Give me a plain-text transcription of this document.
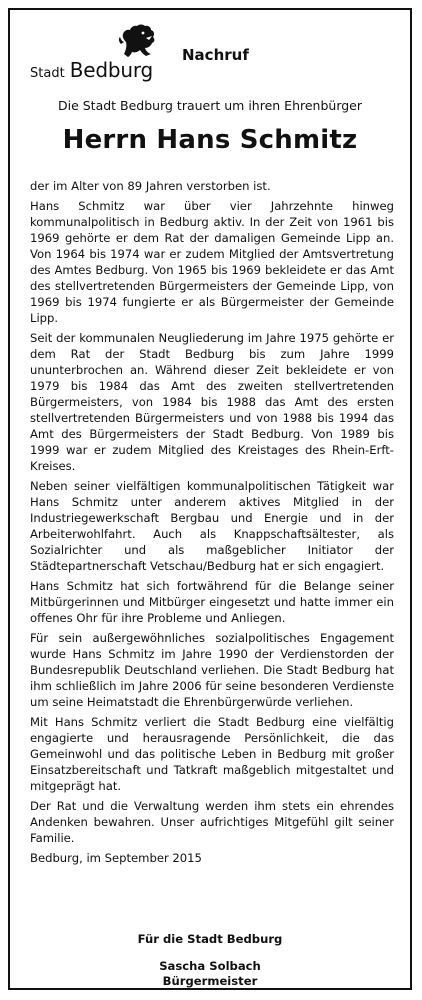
Stadt Bedburg
Nachruf
Die Stadt Bedburg trauert um ihren Ehrenbürger
Herrn Hans Schmitz

der im Alter von 89 Jahren verstorben ist.

Hans Schmitz war über vier Jahrzehnte hinweg kommunalpolitisch in Bedburg aktiv. In der Zeit von 1961 bis 1969 gehörte er dem Rat der damaligen Gemeinde Lipp an. Von 1964 bis 1974 war er zudem Mitglied der Amtsvertretung des Amtes Bedburg. Von 1965 bis 1969 bekleidete er das Amt des stellvertretenden Bürgermeisters der Gemeinde Lipp, von 1969 bis 1974 fungierte er als Bürgermeister der Gemeinde Lipp.

Seit der kommunalen Neugliederung im Jahre 1975 gehörte er dem Rat der Stadt Bedburg bis zum Jahre 1999 ununterbrochen an. Während dieser Zeit bekleidete er von 1979 bis 1984 das Amt des zweiten stellvertretenden Bürgermeisters, von 1984 bis 1988 das Amt des ersten stellvertretenden Bürgermeisters und von 1988 bis 1994 das Amt des Bürgermeisters der Stadt Bedburg. Von 1989 bis 1999 war er zudem Mitglied des Kreistages des Rhein-Erft-Kreises.

Neben seiner vielfältigen kommunalpolitischen Tätigkeit war Hans Schmitz unter anderem aktives Mitglied in der Industriegewerkschaft Bergbau und Energie und in der Arbeiterwohlfahrt. Auch als Knappschaftsältester, als Sozialrichter und als maßgeblicher Initiator der Städtepartnerschaft Vetschau/Bedburg hat er sich engagiert.

Hans Schmitz hat sich fortwährend für die Belange seiner Mitbürgerinnen und Mitbürger eingesetzt und hatte immer ein offenes Ohr für ihre Probleme und Anliegen.

Für sein außergewöhnliches sozialpolitisches Engagement wurde Hans Schmitz im Jahre 1990 der Verdienstorden der Bundesrepublik Deutschland verliehen. Die Stadt Bedburg hat ihm schließlich im Jahre 2006 für seine besonderen Verdienste um seine Heimatstadt die Ehrenbürgerwürde verliehen.

Mit Hans Schmitz verliert die Stadt Bedburg eine vielfältig engagierte und herausragende Persönlichkeit, die das Gemeinwohl und das politische Leben in Bedburg mit großer Einsatzbereitschaft und Tatkraft maßgeblich mitgestaltet und mitgeprägt hat.

Der Rat und die Verwaltung werden ihm stets ein ehrendes Andenken bewahren. Unser aufrichtiges Mitgefühl gilt seiner Familie.

Bedburg, im September 2015

Für die Stadt Bedburg
Sascha Solbach
Bürgermeister
